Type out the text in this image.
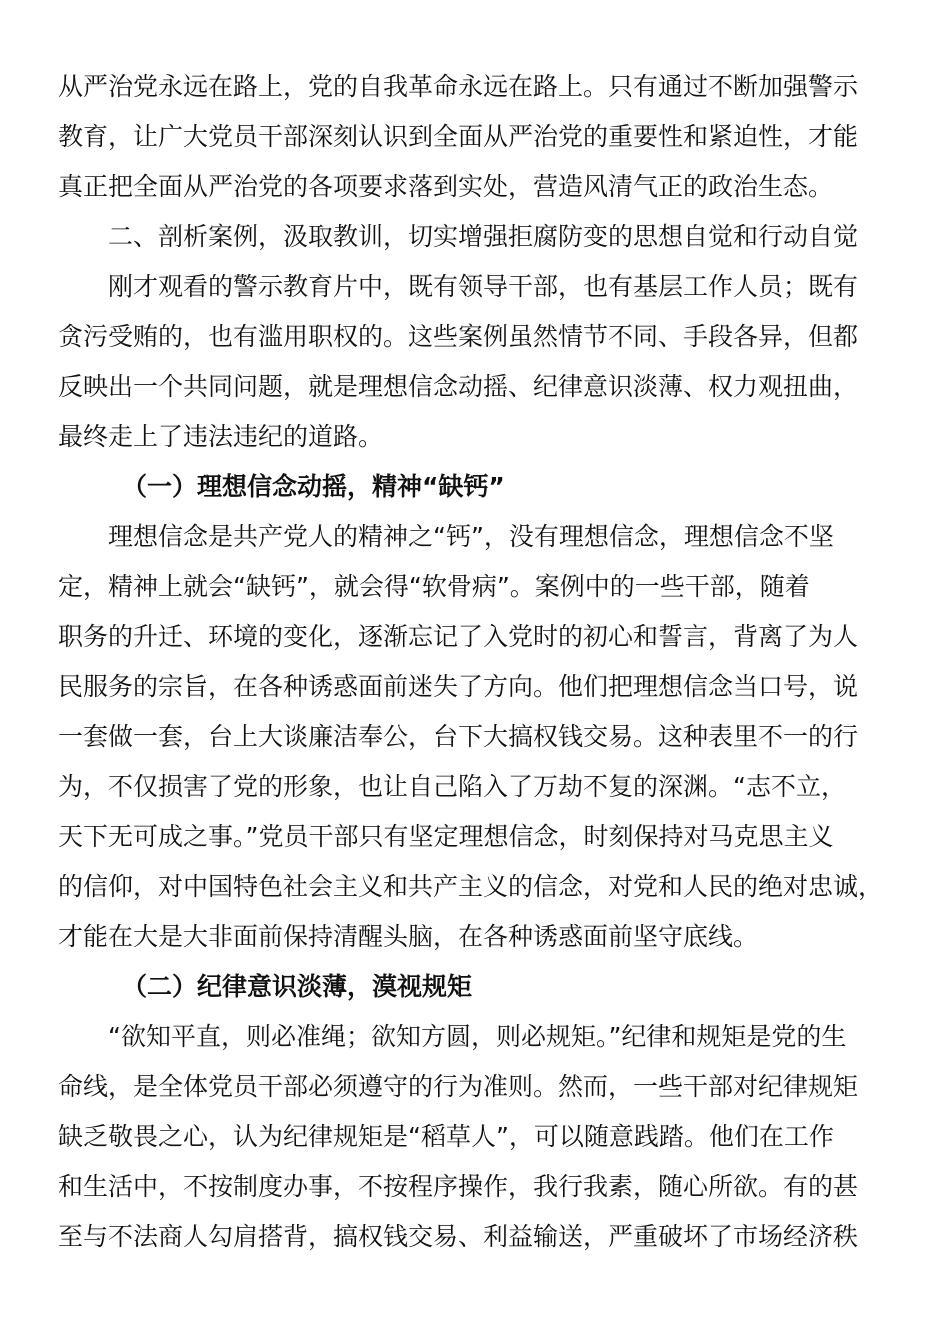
从严治党永远在路上，党的自我革命永远在路上。只有通过不断加强警示
教育，让广大党员干部深刻认识到全面从严治党的重要性和紧迫性，才能
真正把全面从严治党的各项要求落到实处，营造风清气正的政治生态。
二、剖析案例，汲取教训，切实增强拒腐防变的思想自觉和行动自觉
刚才观看的警示教育片中，既有领导干部，也有基层工作人员；既有
贪污受贿的，也有滥用职权的。这些案例虽然情节不同、手段各异，但都
反映出一个共同问题，就是理想信念动摇、纪律意识淡薄、权力观扭曲，
最终走上了违法违纪的道路。
（一）理想信念动摇，精神“缺钙”
理想信念是共产党人的精神之“钙”，没有理想信念，理想信念不坚
定，精神上就会“缺钙”，就会得“软骨病”。案例中的一些干部，随着
职务的升迁、环境的变化，逐渐忘记了入党时的初心和誓言，背离了为人
民服务的宗旨，在各种诱惑面前迷失了方向。他们把理想信念当口号，说
一套做一套，台上大谈廉洁奉公，台下大搞权钱交易。这种表里不一的行
为，不仅损害了党的形象，也让自己陷入了万劫不复的深渊。“志不立，
天下无可成之事。”党员干部只有坚定理想信念，时刻保持对马克思主义
的信仰，对中国特色社会主义和共产主义的信念，对党和人民的绝对忠诚，
才能在大是大非面前保持清醒头脑，在各种诱惑面前坚守底线。
（二）纪律意识淡薄，漠视规矩
“欲知平直，则必准绳；欲知方圆，则必规矩。”纪律和规矩是党的生
命线，是全体党员干部必须遵守的行为准则。然而，一些干部对纪律规矩
缺乏敬畏之心，认为纪律规矩是“稻草人”，可以随意践踏。他们在工作
和生活中，不按制度办事，不按程序操作，我行我素，随心所欲。有的甚
至与不法商人勾肩搭背，搞权钱交易、利益输送，严重破坏了市场经济秩
